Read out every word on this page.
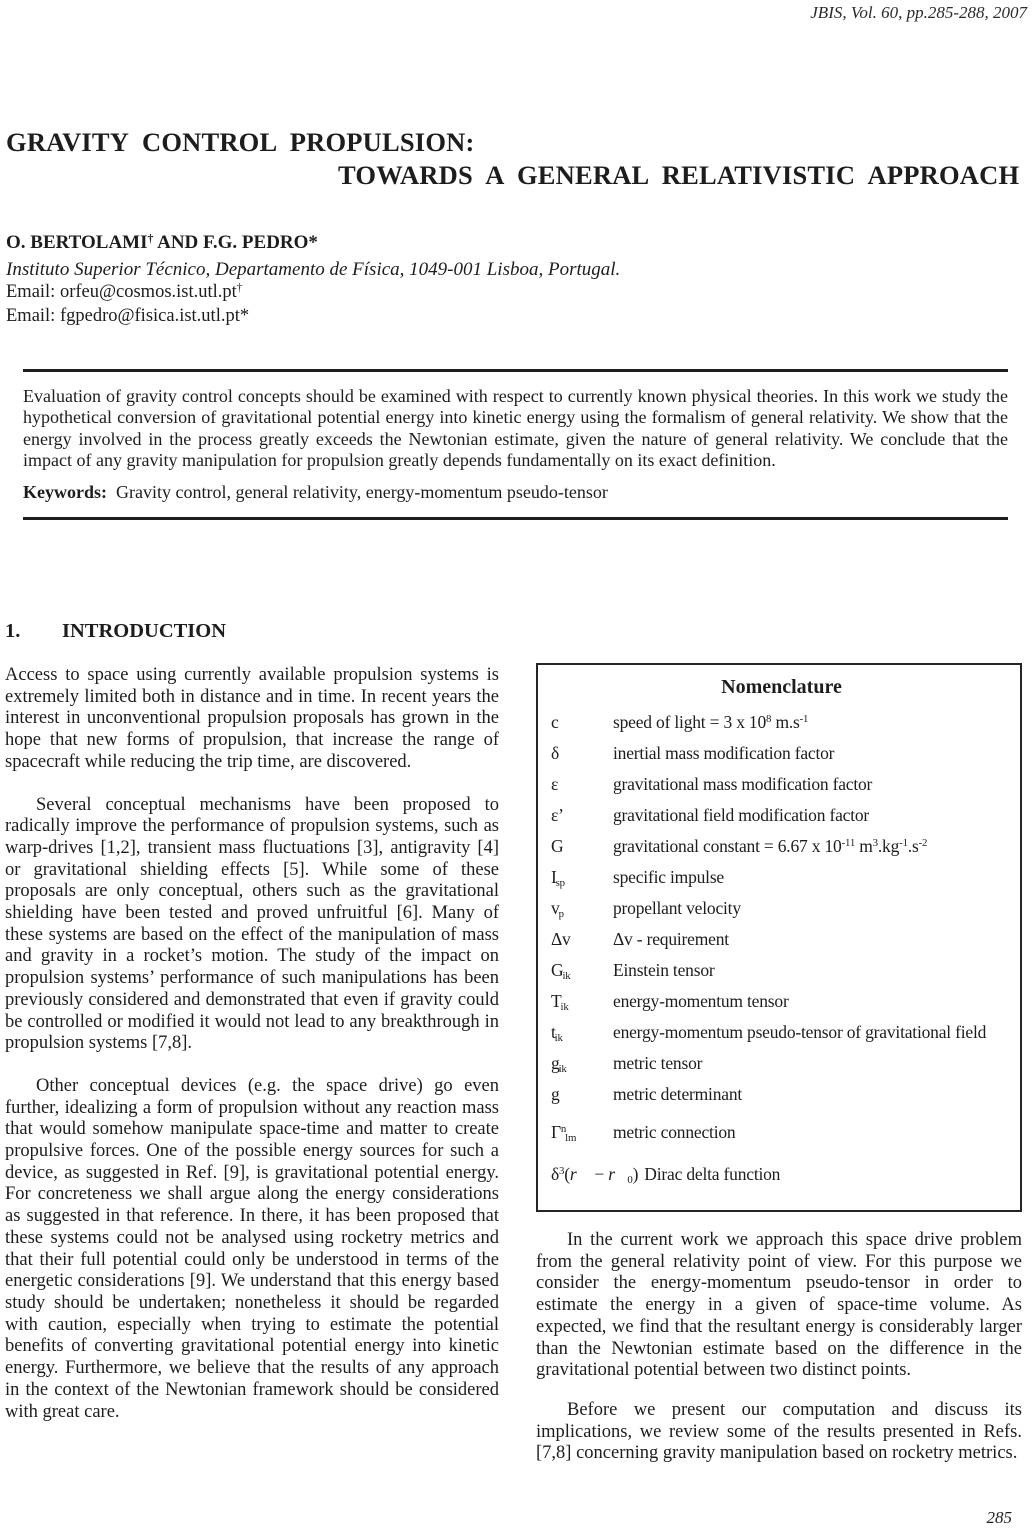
JBIS, Vol. 60, pp.285-288, 2007
GRAVITY CONTROL PROPULSION:
TOWARDS A GENERAL RELATIVISTIC APPROACH
O. BERTOLAMI† AND F.G. PEDRO*
Instituto Superior Técnico, Departamento de Física, 1049-001 Lisboa, Portugal.
Email: orfeu@cosmos.ist.utl.pt†
Email: fgpedro@fisica.ist.utl.pt*

Evaluation of gravity control concepts should be examined with respect to currently known physical theories. In this work we study the hypothetical conversion of gravitational potential energy into kinetic energy using the formalism of general relativity. We show that the energy involved in the process greatly exceeds the Newtonian estimate, given the nature of general relativity. We conclude that the impact of any gravity manipulation for propulsion greatly depends fundamentally on its exact definition.

Keywords: Gravity control, general relativity, energy-momentum pseudo-tensor

1. INTRODUCTION

Access to space using currently available propulsion systems is extremely limited both in distance and in time. In recent years the interest in unconventional propulsion proposals has grown in the hope that new forms of propulsion, that increase the range of spacecraft while reducing the trip time, are discovered.

Several conceptual mechanisms have been proposed to radically improve the performance of propulsion systems, such as warp-drives [1,2], transient mass fluctuations [3], antigravity [4] or gravitational shielding effects [5]. While some of these proposals are only conceptual, others such as the gravitational shielding have been tested and proved unfruitful [6]. Many of these systems are based on the effect of the manipulation of mass and gravity in a rocket’s motion. The study of the impact on propulsion systems’ performance of such manipulations has been previously considered and demonstrated that even if gravity could be controlled or modified it would not lead to any breakthrough in propulsion systems [7,8].

Other conceptual devices (e.g. the space drive) go even further, idealizing a form of propulsion without any reaction mass that would somehow manipulate space-time and matter to create propulsive forces. One of the possible energy sources for such a device, as suggested in Ref. [9], is gravitational potential energy. For concreteness we shall argue along the energy considerations as suggested in that reference. In there, it has been proposed that these systems could not be analysed using rocketry metrics and that their full potential could only be understood in terms of the energetic considerations [9]. We understand that this energy based study should be undertaken; nonetheless it should be regarded with caution, especially when trying to estimate the potential benefits of converting gravitational potential energy into kinetic energy. Furthermore, we believe that the results of any approach in the context of the Newtonian framework should be considered with great care.

Nomenclature
c	speed of light = 3 x $10^8$ $m.s^{-1}$
δ	inertial mass modification factor
ε	gravitational mass modification factor
ε’	gravitational field modification factor
G	gravitational constant = 6.67 x $10^{-11}$ $m^3.kg^{-1}.s^{-2}$
$I_{sp}$	specific impulse
$v_p$	propellant velocity
Δv	Δv - requirement
$G_{ik}$	Einstein tensor
$T_{ik}$	energy-momentum tensor
$t_{ik}$	energy-momentum pseudo-tensor of gravitational field
$g_{ik}$	metric tensor
g	metric determinant
$\Gamma^n_{lm}$	metric connection
$\delta^3(r⃗$ − $r⃗_0$) Dirac delta function

In the current work we approach this space drive problem from the general relativity point of view. For this purpose we consider the energy-momentum pseudo-tensor in order to estimate the energy in a given of space-time volume. As expected, we find that the resultant energy is considerably larger than the Newtonian estimate based on the difference in the gravitational potential between two distinct points.

Before we present our computation and discuss its implications, we review some of the results presented in Refs. [7,8] concerning gravity manipulation based on rocketry metrics.

285
